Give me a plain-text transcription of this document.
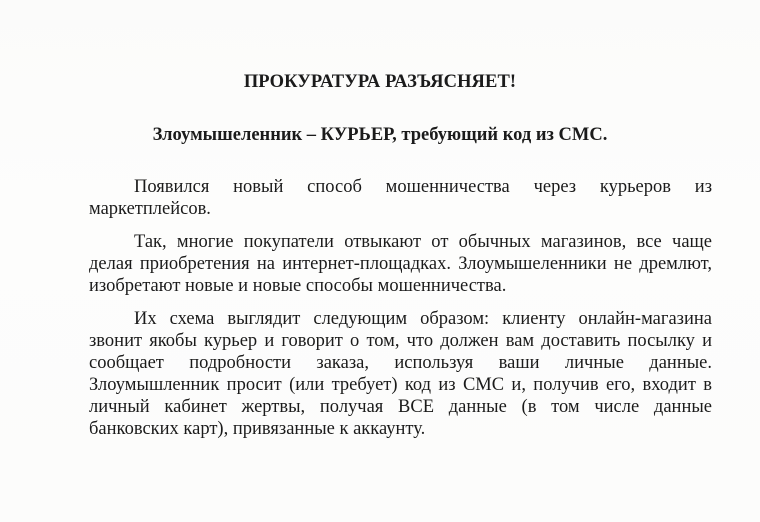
ПРОКУРАТУРА РАЗЪЯСНЯЕТ!
Злоумышеленник – КУРЬЕР, требующий код из СМС.

Появился новый способ мошенничества через курьеров из маркетплейсов.

Так, многие покупатели отвыкают от обычных магазинов, все чаще делая приобретения на интернет-площадках. Злоумышеленники не дремлют, изобретают новые и новые способы мошенничества.

Их схема выглядит следующим образом: клиенту онлайн-магазина звонит якобы курьер и говорит о том, что должен вам доставить посылку и сообщает подробности заказа, используя ваши личные данные. Злоумышленник просит (или требует) код из СМС и, получив его, входит в личный кабинет жертвы, получая ВСЕ данные (в том числе данные банковских карт), привязанные к аккаунту.
